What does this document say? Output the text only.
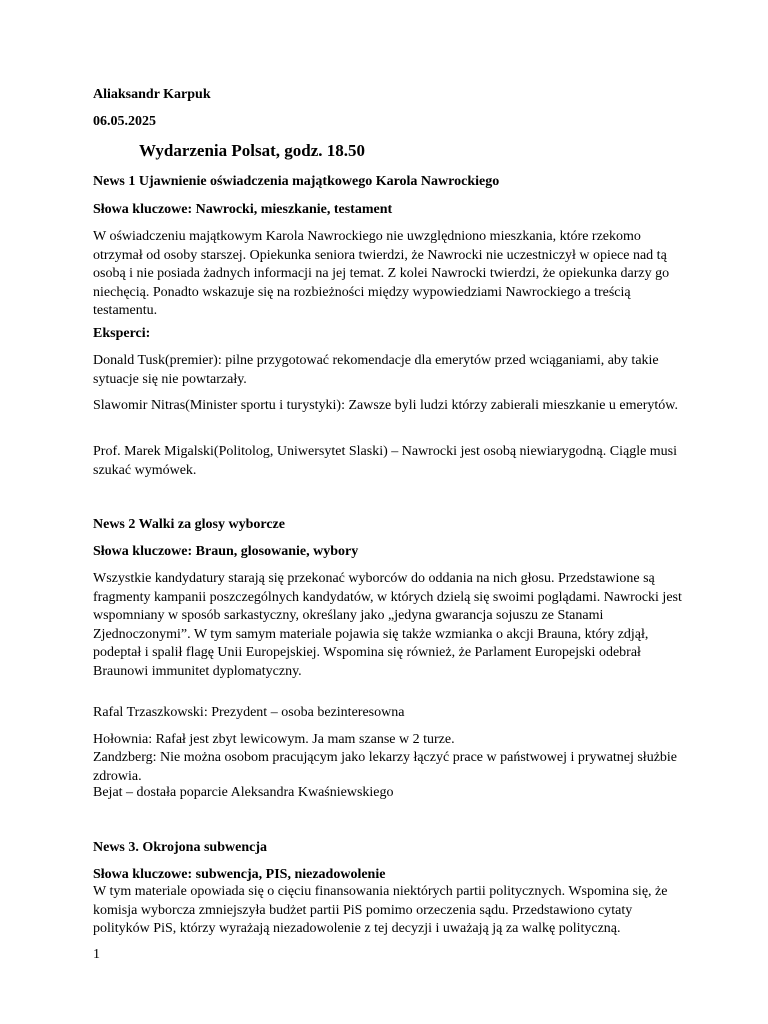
Aliaksandr Karpuk

06.05.2025

Wydarzenia Polsat, godz. 18.50

News 1 Ujawnienie oświadczenia majątkowego Karola Nawrockiego

Słowa kluczowe: Nawrocki, mieszkanie, testament

W oświadczeniu majątkowym Karola Nawrockiego nie uwzględniono mieszkania, które rzekomo otrzymał od osoby starszej. Opiekunka seniora twierdzi, że Nawrocki nie uczestniczył w opiece nad tą osobą i nie posiada żadnych informacji na jej temat. Z kolei Nawrocki twierdzi, że opiekunka darzy go niechęcią. Ponadto wskazuje się na rozbieżności między wypowiedziami Nawrockiego a treścią testamentu.

Eksperci:

Donald Tusk(premier): pilne przygotować rekomendacje dla emerytów przed wciąganiami, aby takie sytuacje się nie powtarzały.

Slawomir Nitras(Minister sportu i turystyki): Zawsze byli ludzi którzy zabierali mieszkanie u emerytów.

Prof. Marek Migalski(Politolog, Uniwersytet Slaski) – Nawrocki jest osobą niewiarygodną. Ciągle musi szukać wymówek.

News 2 Walki za glosy wyborcze

Słowa kluczowe: Braun, glosowanie, wybory

Wszystkie kandydatury starają się przekonać wyborców do oddania na nich głosu. Przedstawione są fragmenty kampanii poszczególnych kandydatów, w których dzielą się swoimi poglądami. Nawrocki jest wspomniany w sposób sarkastyczny, określany jako „jedyna gwarancja sojuszu ze Stanami Zjednoczonymi”. W tym samym materiale pojawia się także wzmianka o akcji Brauna, który zdjął, podeptał i spalił flagę Unii Europejskiej. Wspomina się również, że Parlament Europejski odebrał Braunowi immunitet dyplomatyczny.

Rafal Trzaszkowski: Prezydent – osoba bezinteresowna

Hołownia: Rafał jest zbyt lewicowym. Ja mam szanse w 2 turze.

Zandzberg: Nie można osobom pracującym jako lekarzy łączyć prace w państwowej i prywatnej służbie zdrowia.

Bejat – dostała poparcie Aleksandra Kwaśniewskiego

News 3. Okrojona subwencja

Słowa kluczowe: subwencja, PIS, niezadowolenie

W tym materiale opowiada się o cięciu finansowania niektórych partii politycznych. Wspomina się, że komisja wyborcza zmniejszyła budżet partii PiS pomimo orzeczenia sądu. Przedstawiono cytaty polityków PiS, którzy wyrażają niezadowolenie z tej decyzji i uważają ją za walkę polityczną.

1
